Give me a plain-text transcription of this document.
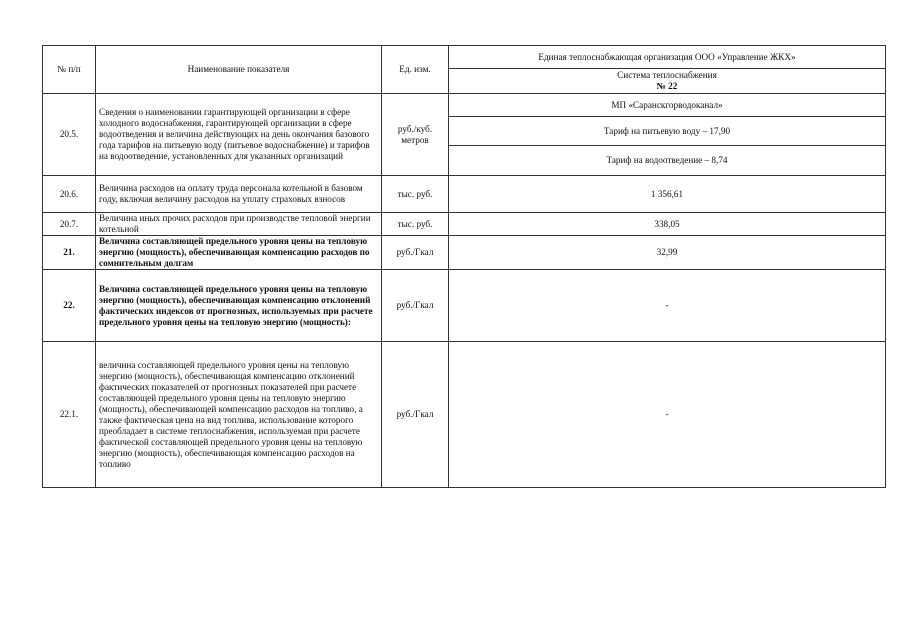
№ п/п	Наименование показателя	Ед. изм.	Единая теплоснабжающая организация ООО «Управление ЖКХ»

			Система теплоснабжения
№ 22

20.5.	Сведения о наименовании гарантирующей организации в сфере холодного водоснабжения, гарантирующей организации в сфере водоотведения и величина действующих на день окончания базового года тарифов на питьевую воду (питьевое водоснабжение) и тарифов на водоотведение, установленных для указанных организаций	руб./куб. метров	МП «Саранскгорводоканал»
			Тариф на питьевую воду – 17,90
			Тариф на водоотведение – 8,74
20.6.	Величина расходов на оплату труда персонала котельной в базовом году, включая величину расходов на уплату страховых взносов	тыс. руб.	1 356,61
20.7.	Величина иных прочих расходов при производстве тепловой энергии котельной	тыс. руб.	338,05
21.	Величина составляющей предельного уровня цены на тепловую энергию (мощность), обеспечивающая компенсацию расходов по сомнительным долгам	руб./Гкал	32,99
22.	Величина составляющей предельного уровня цены на тепловую энергию (мощность), обеспечивающая компенсацию отклонений фактических индексов от прогнозных, используемых при расчете предельного уровня цены на тепловую энергию (мощность):	руб./Гкал	-
22.1.	величина составляющей предельного уровня цены на тепловую энергию (мощность), обеспечивающая компенсацию отклонений фактических показателей от прогнозных показателей при расчете составляющей предельного уровня цены на тепловую энергию (мощность), обеспечивающей компенсацию расходов на топливо, а также фактическая цена на вид топлива, использование которого преобладает в системе теплоснабжения, используемая при расчете фактической составляющей предельного уровня цены на тепловую энергию (мощность), обеспечивающая компенсацию расходов на топливо	руб./Гкал	-
